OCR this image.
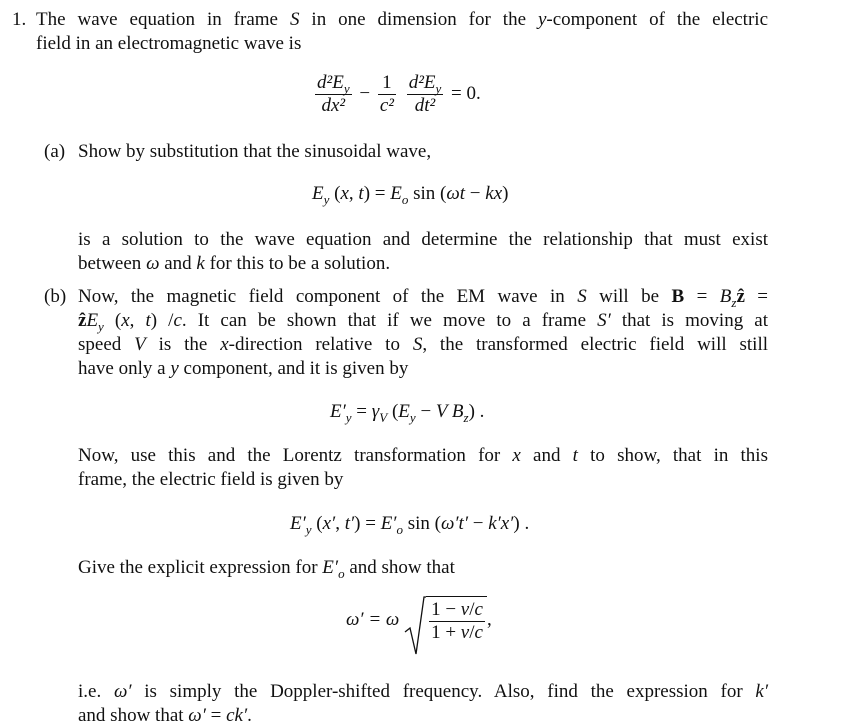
1. The wave equation in frame S in one dimension for the y-component of the electric
field in an electromagnetic wave is
$\frac{d^2E_y}{\text{dx²}} - \frac{1}{\text{c²}}$
$\frac{d^2E_y}{\text{dt²}} = 0$.
(a) Show by substitution that the sinusoidal wave,
$E_y$ (x, $t) = E_o$ sin (ωt − kx)
is a solution to the wave equation and determine the relationship that must exist
between ω and k for this to be a solution.
(b) Now, the magnetic field component of the EM wave in S will be $B = B_zẑ$ =
ẑE$_y$ (x, t) /c. It can be shown that if we move to a frame S′ that is moving at
speed V is the x-direction relative to S, the transformed electric field will still
have only a y component, and it is given by
$E'_y = \gamma_V$ ($E_y - V$ $B_z$) .
Now, use this and the Lorentz transformation for x and t to show, that in this
frame, the electric field is given by
$E'_y$ (x′, $t') = E'_o$ sin (ω′t′ − k′x′) .
Give the explicit expression for $E'_o$ and show that
ω′ = ω $\frac{1 - v/c}{1 + v/c}$ ,
i.e. ω′ is simply the Doppler-shifted frequency. Also, find the expression for k′
and show that ω′ = ck′.
